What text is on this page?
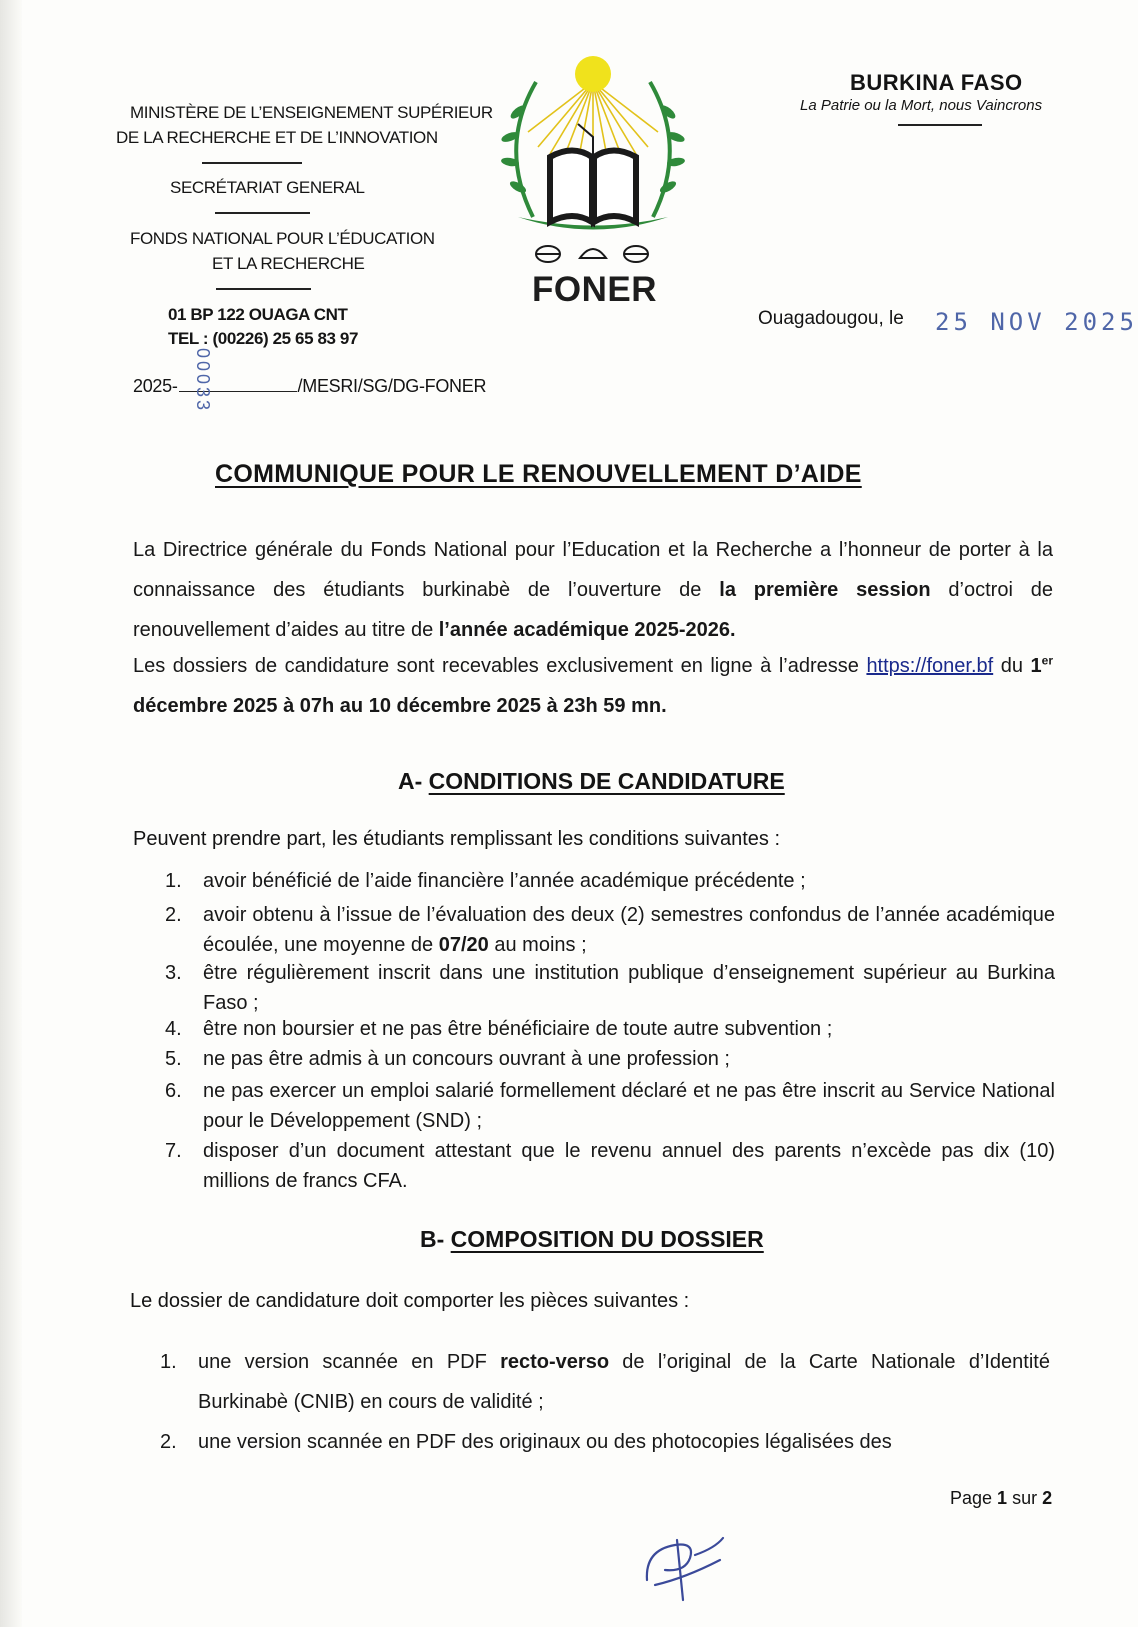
MINISTÈRE DE L’ENSEIGNEMENT SUPÉRIEUR
DE LA RECHERCHE ET DE L’INNOVATION
SECRÉTARIAT GENERAL
FONDS NATIONAL POUR L’ÉDUCATION
ET LA RECHERCHE
01 BP 122 OUAGA CNT
TEL : (00226) 25 65 83 97
FONER
BURKINA FASO
La Patrie ou la Mort, nous Vaincrons
Ouagadougou, le 25 NOV 2025
2025-	/MESRI/SG/DG-FONER
00033
COMMUNIQUE POUR LE RENOUVELLEMENT D’AIDE
La Directrice générale du Fonds National pour l’Education et la Recherche a l’honneur de porter à la connaissance des étudiants burkinabè de l’ouverture de la première session d’octroi de renouvellement d’aides au titre de l’année académique 2025-2026.
Les dossiers de candidature sont recevables exclusivement en ligne à l’adresse https://foner.bf du 1er décembre 2025 à 07h au 10 décembre 2025 à 23h 59 mn.
A- CONDITIONS DE CANDIDATURE
Peuvent prendre part, les étudiants remplissant les conditions suivantes :
1.	avoir bénéficié de l’aide financière l’année académique précédente ;
2.	avoir obtenu à l’issue de l’évaluation des deux (2) semestres confondus de l’année académique écoulée, une moyenne de 07/20 au moins ;
3.	être régulièrement inscrit dans une institution publique d’enseignement supérieur au Burkina Faso ;
4.	être non boursier et ne pas être bénéficiaire de toute autre subvention ;
5.	ne pas être admis à un concours ouvrant à une profession ;
6.	ne pas exercer un emploi salarié formellement déclaré et ne pas être inscrit au Service National pour le Développement (SND) ;
7.	disposer d’un document attestant que le revenu annuel des parents n’excède pas dix (10) millions de francs CFA.
B- COMPOSITION DU DOSSIER
Le dossier de candidature doit comporter les pièces suivantes :
1.	une version scannée en PDF recto-verso de l’original de la Carte Nationale d’Identité Burkinabè (CNIB) en cours de validité ;
2.	une version scannée en PDF des originaux ou des photocopies légalisées des
Page 1 sur 2
